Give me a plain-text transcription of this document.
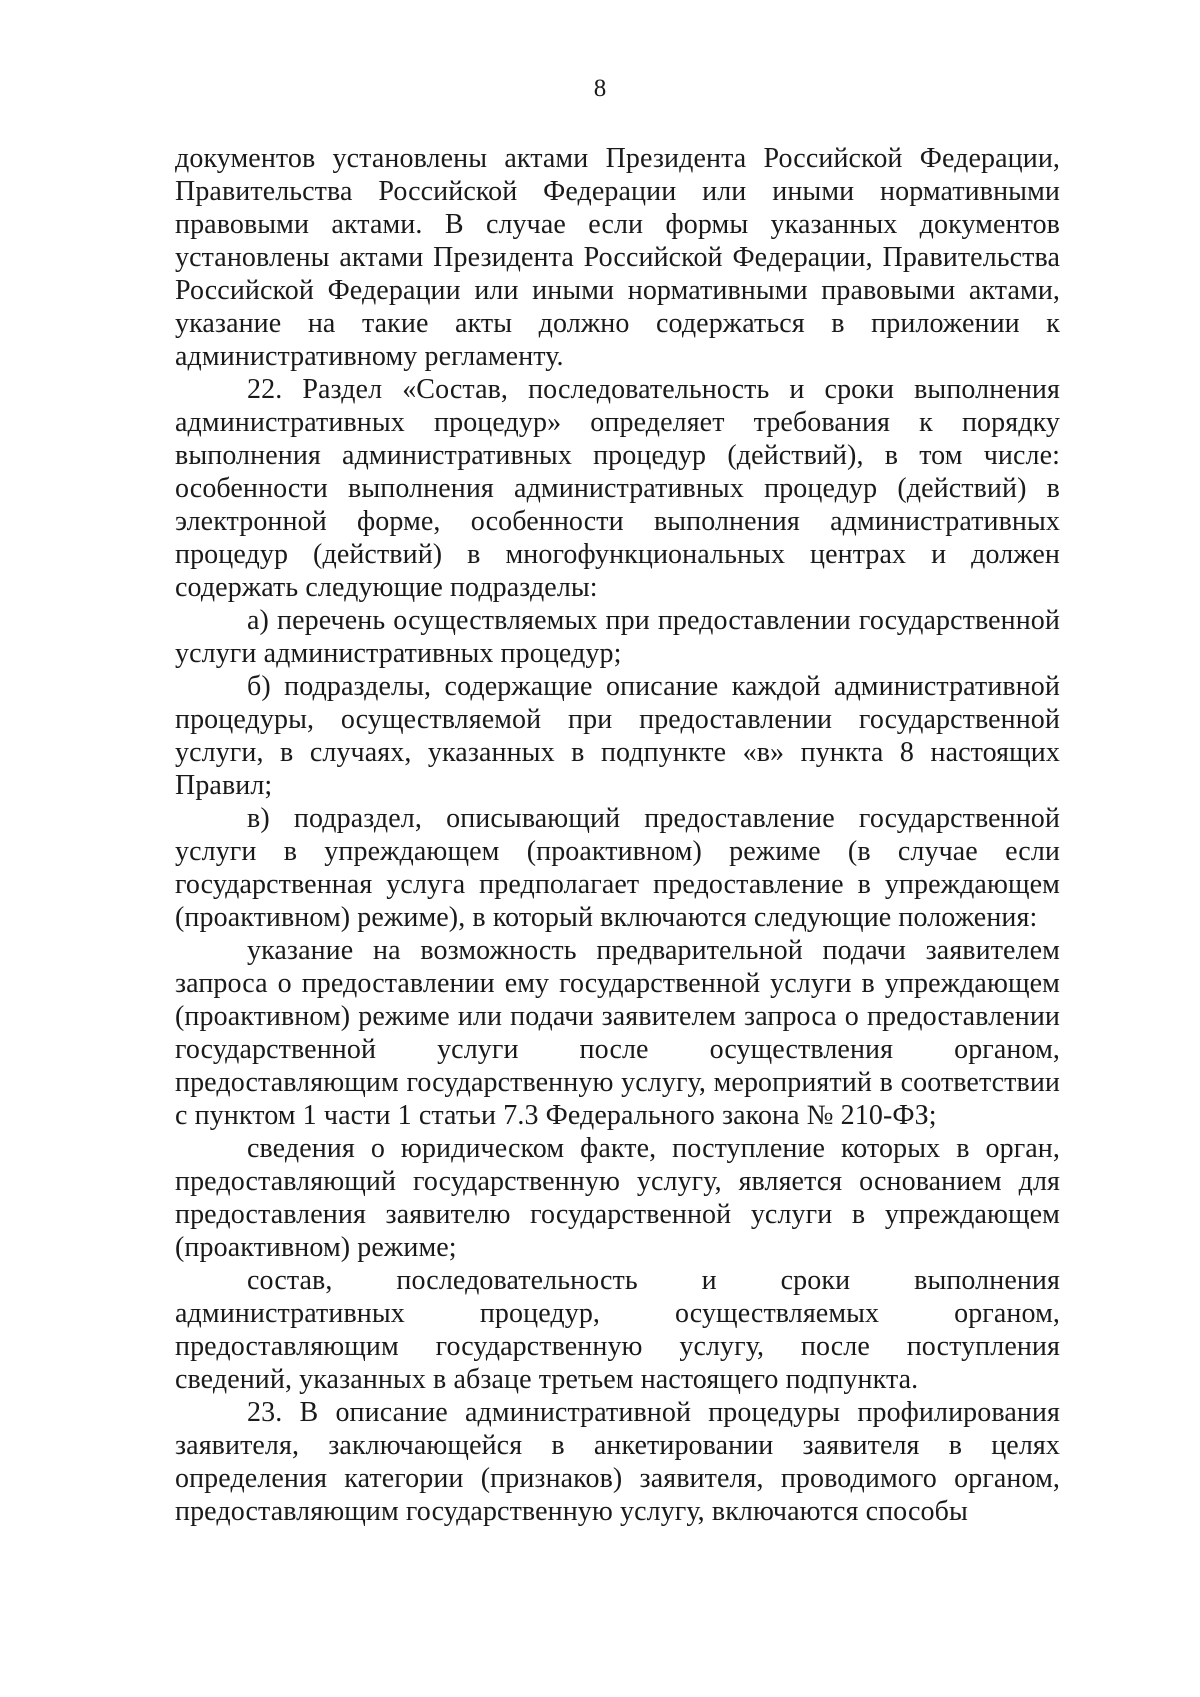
8

документов установлены актами Президента Российской Федерации, Правительства Российской Федерации или иными нормативными правовыми актами. В случае если формы указанных документов установлены актами Президента Российской Федерации, Правительства Российской Федерации или иными нормативными правовыми актами, указание на такие акты должно содержаться в приложении к административному регламенту.

22. Раздел «Состав, последовательность и сроки выполнения административных процедур» определяет требования к порядку выполнения административных процедур (действий), в том числе: особенности выполнения административных процедур (действий) в электронной форме, особенности выполнения административных процедур (действий) в многофункциональных центрах и должен содержать следующие подразделы:

а) перечень осуществляемых при предоставлении государственной услуги административных процедур;

б) подразделы, содержащие описание каждой административной процедуры, осуществляемой при предоставлении государственной услуги, в случаях, указанных в подпункте «в» пункта 8 настоящих Правил;

в) подраздел, описывающий предоставление государственной услуги в упреждающем (проактивном) режиме (в случае если государственная услуга предполагает предоставление в упреждающем (проактивном) режиме), в который включаются следующие положения:

указание на возможность предварительной подачи заявителем запроса о предоставлении ему государственной услуги в упреждающем (проактивном) режиме или подачи заявителем запроса о предоставлении государственной услуги после осуществления органом, предоставляющим государственную услугу, мероприятий в соответствии с пунктом 1 части 1 статьи 7.3 Федерального закона № 210-ФЗ;

сведения о юридическом факте, поступление которых в орган, предоставляющий государственную услугу, является основанием для предоставления заявителю государственной услуги в упреждающем (проактивном) режиме;

состав, последовательность и сроки выполнения административных процедур, осуществляемых органом, предоставляющим государственную услугу, после поступления сведений, указанных в абзаце третьем настоящего подпункта.

23. В описание административной процедуры профилирования заявителя, заключающейся в анкетировании заявителя в целях определения категории (признаков) заявителя, проводимого органом, предоставляющим государственную услугу, включаются способы
